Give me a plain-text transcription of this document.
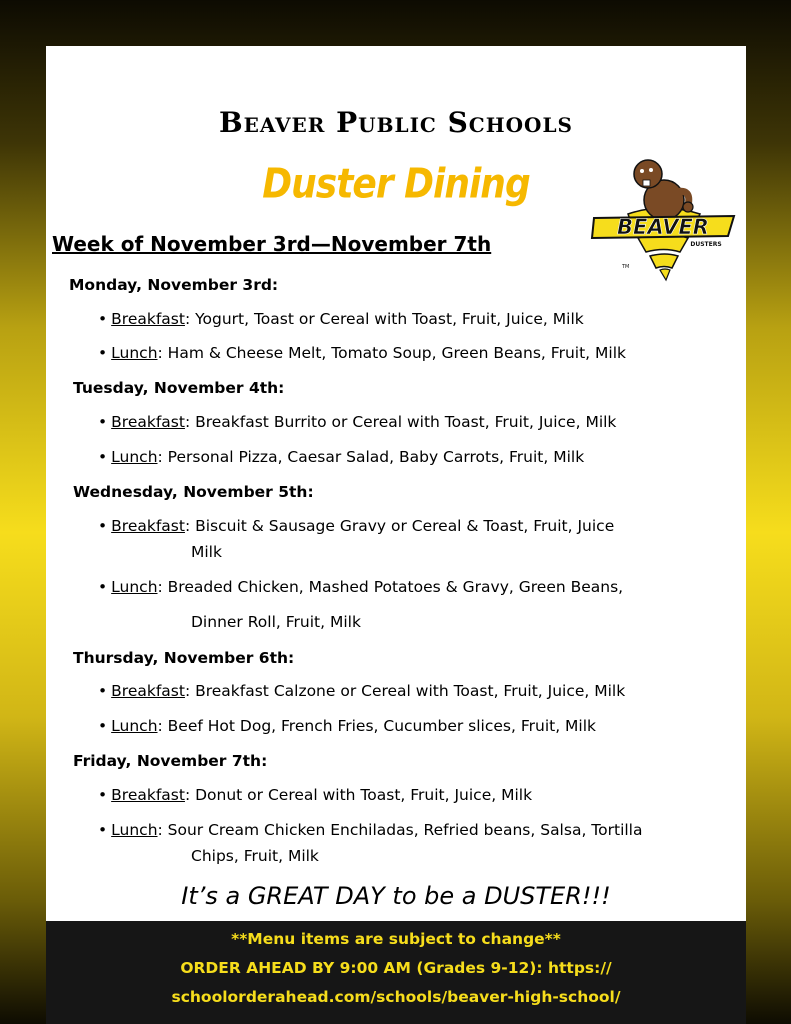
Beaver Public Schools
Duster Dining
BEAVER
DUSTERS
TM
Week of November 3rd—November 7th
Monday, November 3rd:
• Breakfast: Yogurt, Toast or Cereal with Toast, Fruit, Juice, Milk
• Lunch: Ham & Cheese Melt, Tomato Soup, Green Beans, Fruit, Milk
Tuesday, November 4th:
• Breakfast: Breakfast Burrito or Cereal with Toast, Fruit, Juice, Milk
• Lunch: Personal Pizza, Caesar Salad, Baby Carrots, Fruit, Milk
Wednesday, November 5th:
• Breakfast: Biscuit & Sausage Gravy or Cereal & Toast, Fruit, Juice
Milk
• Lunch: Breaded Chicken, Mashed Potatoes & Gravy, Green Beans,
Dinner Roll, Fruit, Milk
Thursday, November 6th:
• Breakfast: Breakfast Calzone or Cereal with Toast, Fruit, Juice, Milk
• Lunch: Beef Hot Dog, French Fries, Cucumber slices, Fruit, Milk
Friday, November 7th:
• Breakfast: Donut or Cereal with Toast, Fruit, Juice, Milk
• Lunch: Sour Cream Chicken Enchiladas, Refried beans, Salsa, Tortilla
Chips, Fruit, Milk
It’s a GREAT DAY to be a DUSTER!!!
**Menu items are subject to change**
ORDER AHEAD BY 9:00 AM (Grades 9-12): https://
schoolorderahead.com/schools/beaver-high-school/
